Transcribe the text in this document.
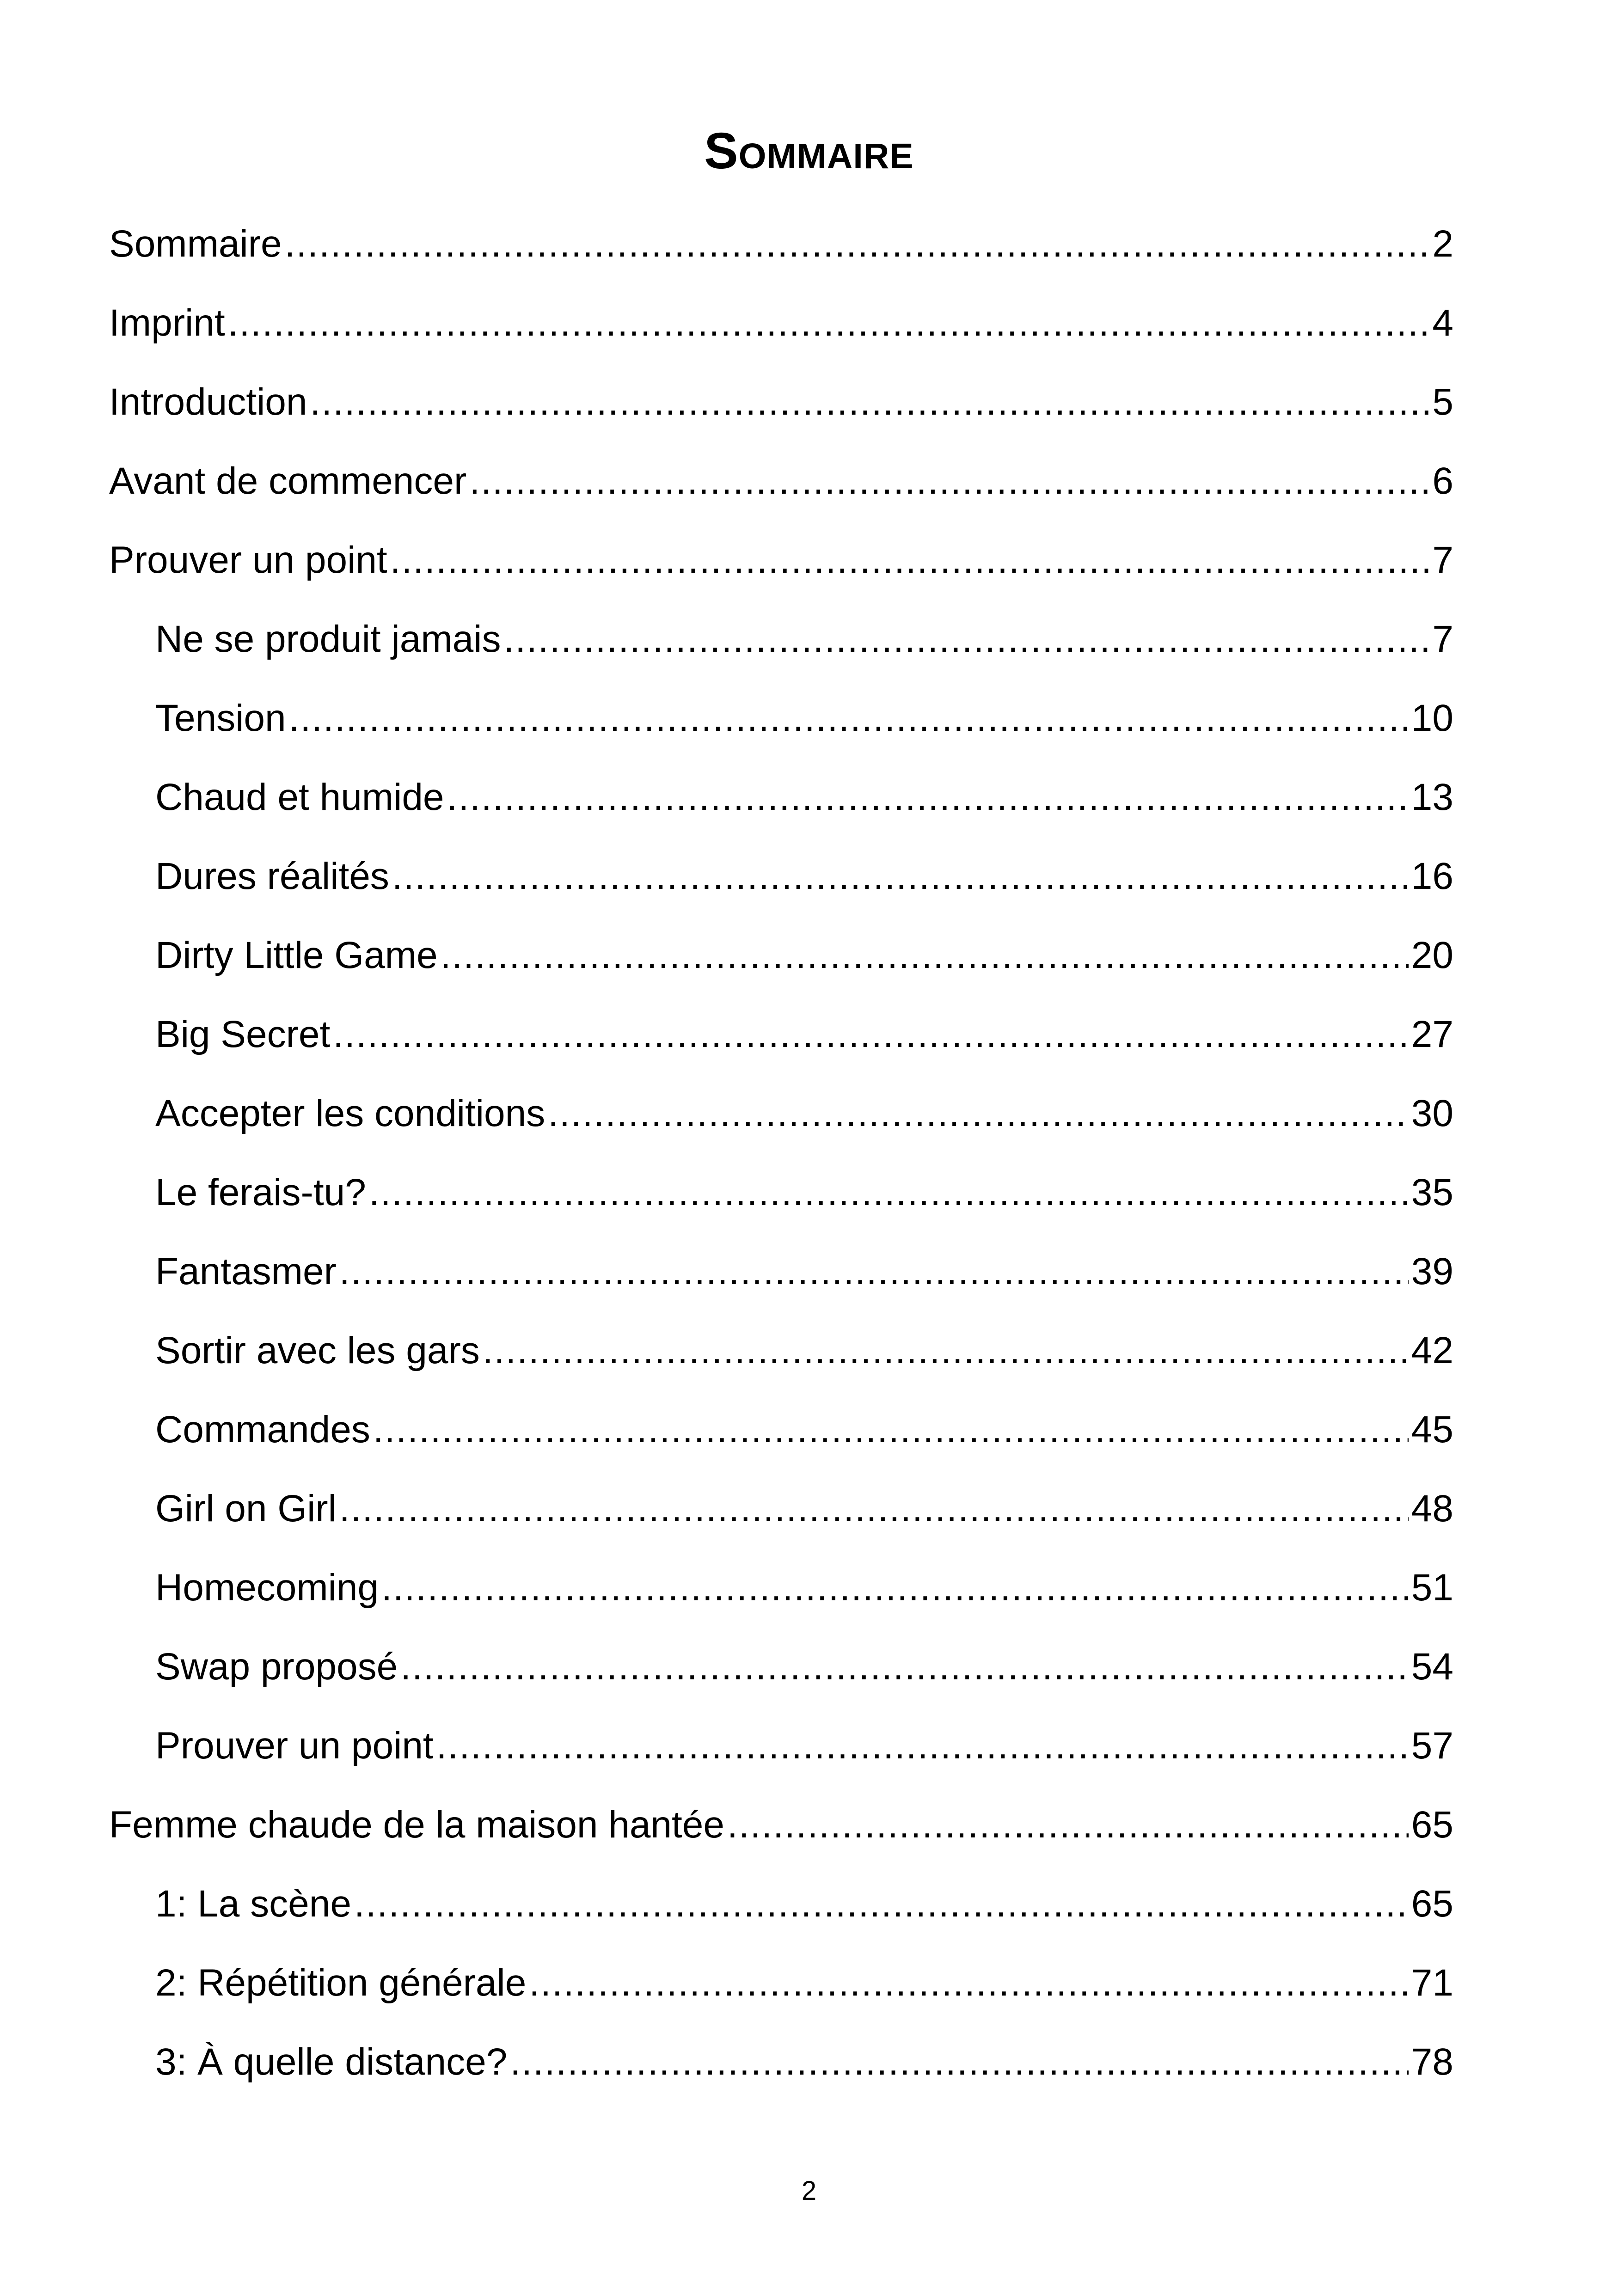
Sommaire
Sommaire .....	2
Imprint .....	4
Introduction .....	5
Avant de commencer .....	6
Prouver un point .....	7
Ne se produit jamais .....	7
Tension .....	10
Chaud et humide .....	13
Dures réalités .....	16
Dirty Little Game .....	20
Big Secret .....	27
Accepter les conditions .....	30
Le ferais-tu? .....	35
Fantasmer .....	39
Sortir avec les gars .....	42
Commandes .....	45
Girl on Girl .....	48
Homecoming .....	51
Swap proposé .....	54
Prouver un point .....	57
Femme chaude de la maison hantée .....	65
1: La scène .....	65
2: Répétition générale .....	71
3: À quelle distance? .....	78
2
